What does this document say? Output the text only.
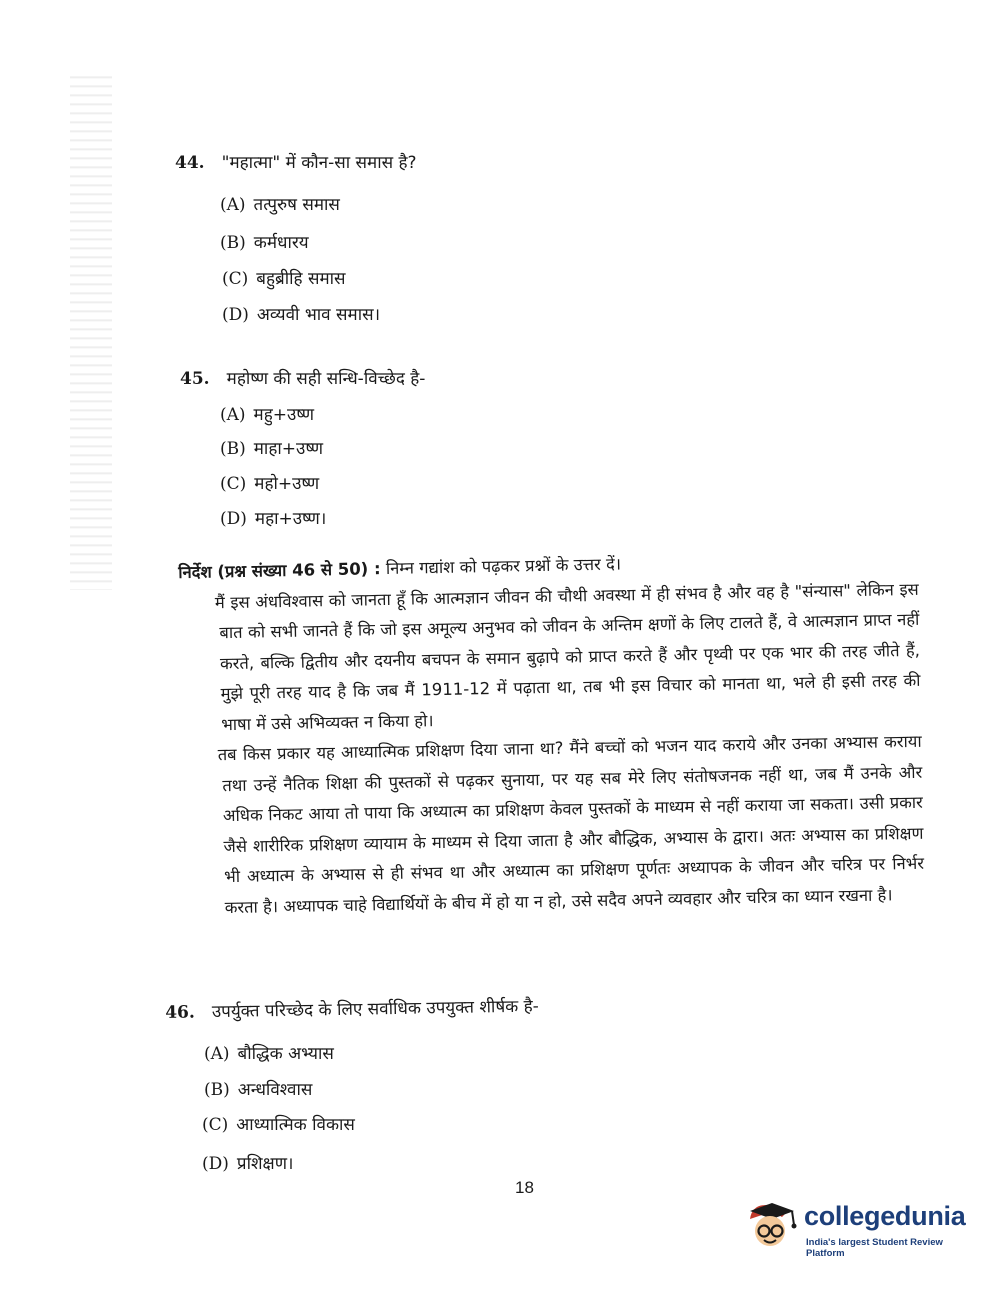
44. "महात्मा" में कौन-सा समास है?
(A) तत्पुरुष समास
(B) कर्मधारय
(C) बहुब्रीहि समास
(D) अव्यवी भाव समास।
45. महोष्ण की सही सन्धि-विच्छेद है-
(A) महु+उष्ण
(B) माहा+उष्ण
(C) महो+उष्ण
(D) महा+उष्ण।

निर्देश (प्रश्न संख्या 46 से 50) : निम्न गद्यांश को पढ़कर प्रश्नों के उत्तर दें।

मैं इस अंधविश्वास को जानता हूँ कि आत्मज्ञान जीवन की चौथी अवस्था में ही संभव है और वह है "संन्यास" लेकिन इस बात को सभी जानते हैं कि जो इस अमूल्य अनुभव को जीवन के अन्तिम क्षणों के लिए टालते हैं, वे आत्मज्ञान प्राप्त नहीं करते, बल्कि द्वितीय और दयनीय बचपन के समान बुढ़ापे को प्राप्त करते हैं और पृथ्वी पर एक भार की तरह जीते हैं, मुझे पूरी तरह याद है कि जब मैं 1911-12 में पढ़ाता था, तब भी इस विचार को मानता था, भले ही इसी तरह की भाषा में उसे अभिव्यक्त न किया हो।

तब किस प्रकार यह आध्यात्मिक प्रशिक्षण दिया जाना था? मैंने बच्चों को भजन याद कराये और उनका अभ्यास कराया तथा उन्हें नैतिक शिक्षा की पुस्तकों से पढ़कर सुनाया, पर यह सब मेरे लिए संतोषजनक नहीं था, जब मैं उनके और अधिक निकट आया तो पाया कि अध्यात्म का प्रशिक्षण केवल पुस्तकों के माध्यम से नहीं कराया जा सकता। उसी प्रकार जैसे शारीरिक प्रशिक्षण व्यायाम के माध्यम से दिया जाता है और बौद्धिक, अभ्यास के द्वारा। अतः अभ्यास का प्रशिक्षण भी अध्यात्म के अभ्यास से ही संभव था और अध्यात्म का प्रशिक्षण पूर्णतः अध्यापक के जीवन और चरित्र पर निर्भर करता है। अध्यापक चाहे विद्यार्थियों के बीच में हो या न हो, उसे सदैव अपने व्यवहार और चरित्र का ध्यान रखना है।

46. उपर्युक्त परिच्छेद के लिए सर्वाधिक उपयुक्त शीर्षक है-
(A) बौद्धिक अभ्यास
(B) अन्धविश्वास
(C) आध्यात्मिक विकास
(D) प्रशिक्षण।
18
collegedunia
India's largest Student Review Platform
